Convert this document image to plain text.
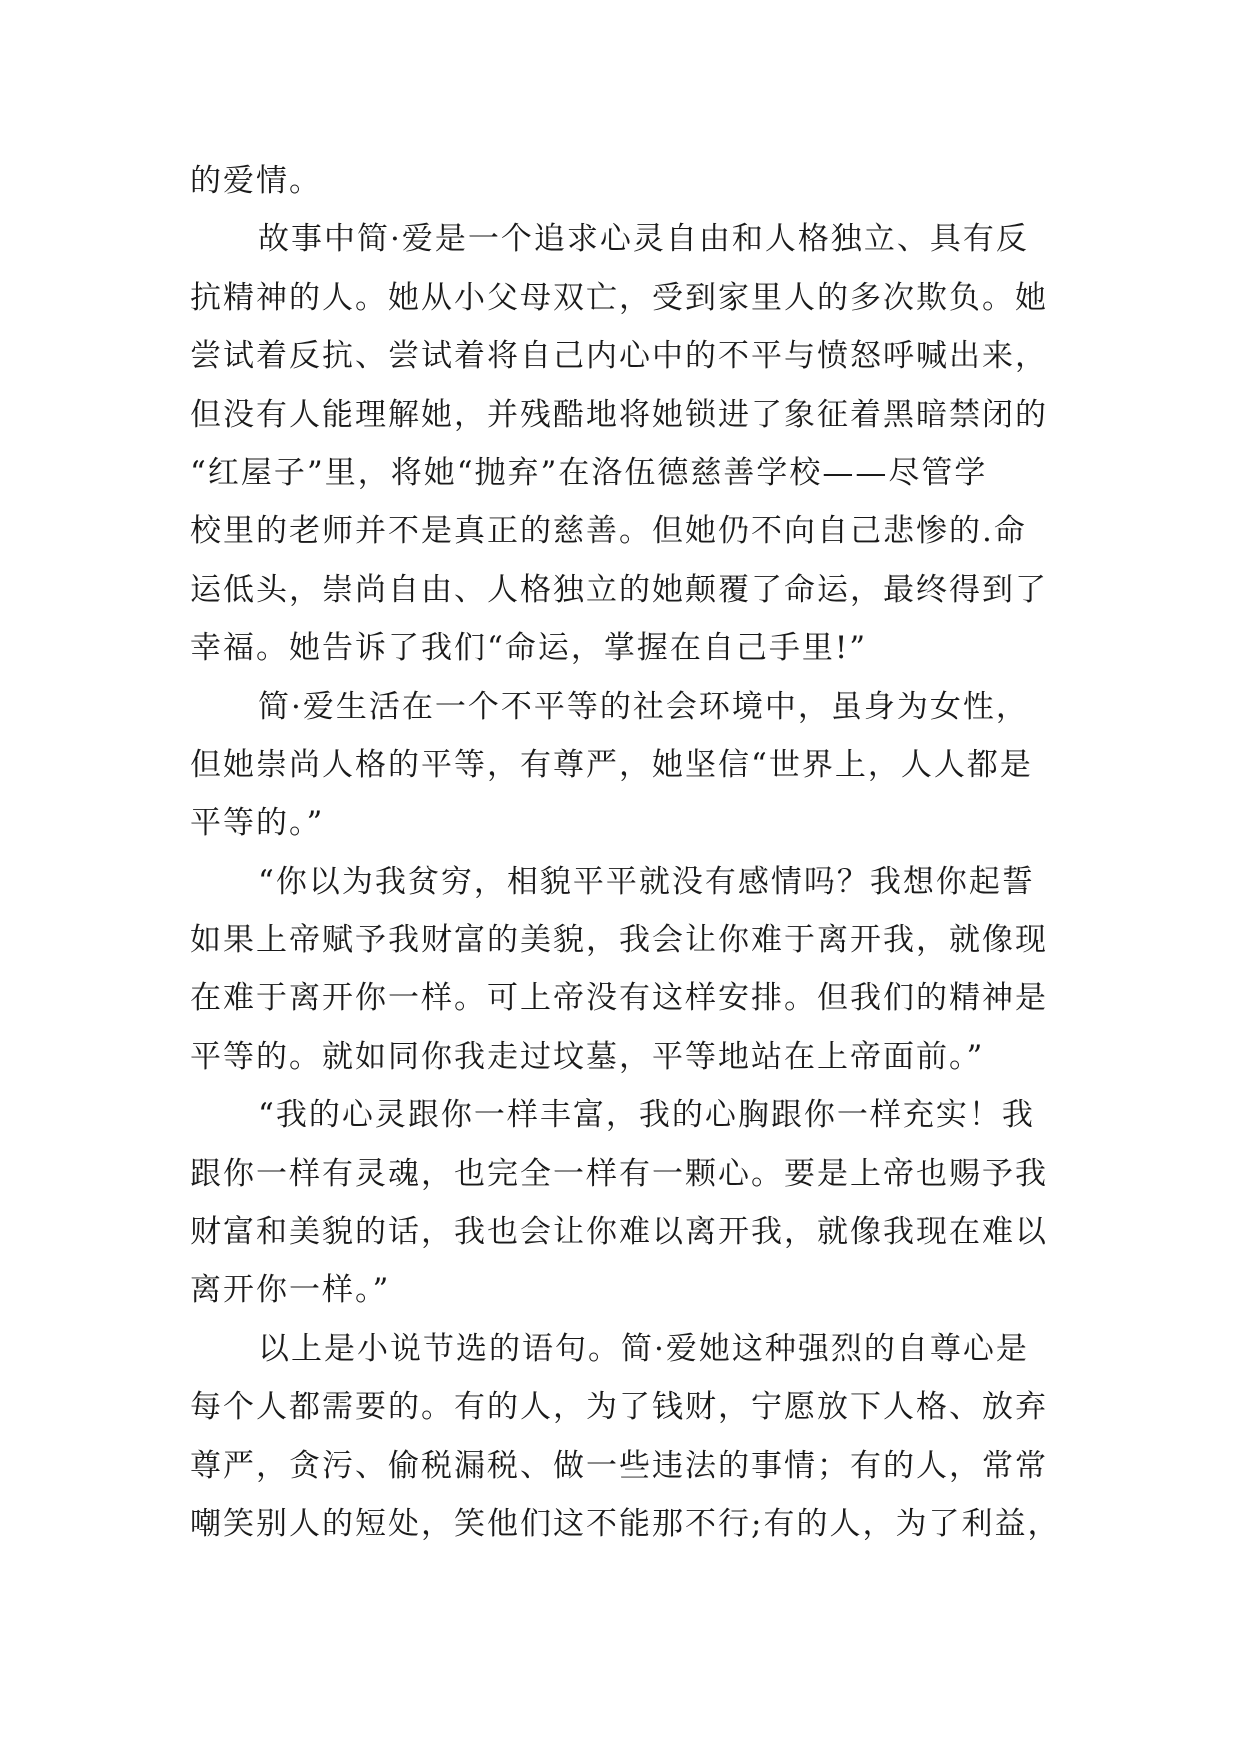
的爱情。
故事中简·爱是一个追求心灵自由和人格独立、具有反
抗精神的人。她从小父母双亡，受到家里人的多次欺负。她
尝试着反抗、尝试着将自己内心中的不平与愤怒呼喊出来，
但没有人能理解她，并残酷地将她锁进了象征着黑暗禁闭的
“红屋子”里，将她“抛弃”在洛伍德慈善学校——尽管学
校里的老师并不是真正的慈善。但她仍不向自己悲惨的.命
运低头，崇尚自由、人格独立的她颠覆了命运，最终得到了
幸福。她告诉了我们“命运，掌握在自己手里!”
简·爱生活在一个不平等的社会环境中，虽身为女性，
但她崇尚人格的平等，有尊严，她坚信“世界上，人人都是
平等的。”
“你以为我贫穷，相貌平平就没有感情吗？我想你起誓
如果上帝赋予我财富的美貌，我会让你难于离开我，就像现
在难于离开你一样。可上帝没有这样安排。但我们的精神是
平等的。就如同你我走过坟墓，平等地站在上帝面前。”
“我的心灵跟你一样丰富，我的心胸跟你一样充实！我
跟你一样有灵魂，也完全一样有一颗心。要是上帝也赐予我
财富和美貌的话，我也会让你难以离开我，就像我现在难以
离开你一样。”
以上是小说节选的语句。简·爱她这种强烈的自尊心是
每个人都需要的。有的人，为了钱财，宁愿放下人格、放弃
尊严，贪污、偷税漏税、做一些违法的事情；有的人，常常
嘲笑别人的短处，笑他们这不能那不行;有的人，为了利益，
